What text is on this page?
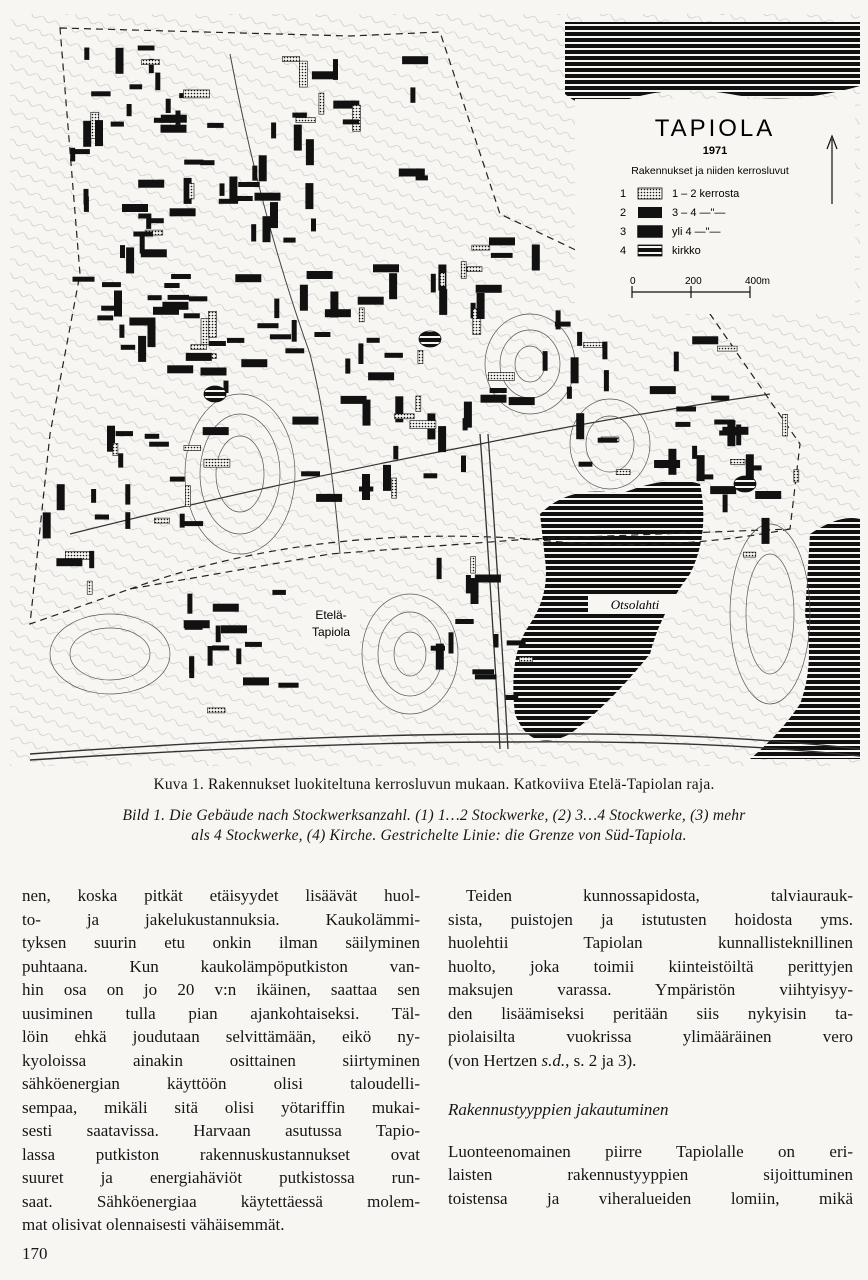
TAPIOLA
1971
Rakennukset ja niiden kerrosluvut
1	1 – 2 kerrosta
2	3 – 4 —"—
3	yli 4 —"—
4	kirkko
0	200	400m
Etelä-
Tapiola
Otsolahti
Kuva 1. Rakennukset luokiteltuna kerrosluvun mukaan. Katkoviiva Etelä-Tapiolan raja.
Bild 1. Die Gebäude nach Stockwerksanzahl. (1) 1…2 Stockwerke, (2) 3…4 Stockwerke, (3) mehr
als 4 Stockwerke, (4) Kirche. Gestrichelte Linie: die Grenze von Süd-Tapiola.

nen, koska pitkät etäisyydet lisäävät huol-
to- ja jakelukustannuksia. Kaukolämmi-
tyksen suurin etu onkin ilman säilyminen
puhtaana. Kun kaukolämpöputkiston van-
hin osa on jo 20 v:n ikäinen, saattaa sen
uusiminen tulla pian ajankohtaiseksi. Täl-
löin ehkä joudutaan selvittämään, eikö ny-
kyoloissa ainakin osittainen siirtyminen
sähköenergian käyttöön olisi taloudelli-
sempaa, mikäli sitä olisi yötariffin mukai-
sesti saatavissa. Harvaan asutussa Tapio-
lassa putkiston rakennuskustannukset ovat
suuret ja energiahäviöt putkistossa run-
saat. Sähköenergiaa käytettäessä molem-
mat olisivat olennaisesti vähäisemmät.

Teiden kunnossapidosta, talviaurauk-
sista, puistojen ja istutusten hoidosta yms.
huolehtii Tapiolan kunnallisteknillinen
huolto, joka toimii kiinteistöiltä perittyjen
maksujen varassa. Ympäristön viihtyisyy-
den lisäämiseksi peritään siis nykyisin ta-
piolaisilta vuokrissa ylimääräinen vero
(von Hertzen s.d., s. 2 ja 3).

Rakennustyyppien jakautuminen

Luonteenomainen piirre Tapiolalle on eri-
laisten rakennustyyppien sijoittuminen
toistensa ja viheralueiden lomiin, mikä

170
